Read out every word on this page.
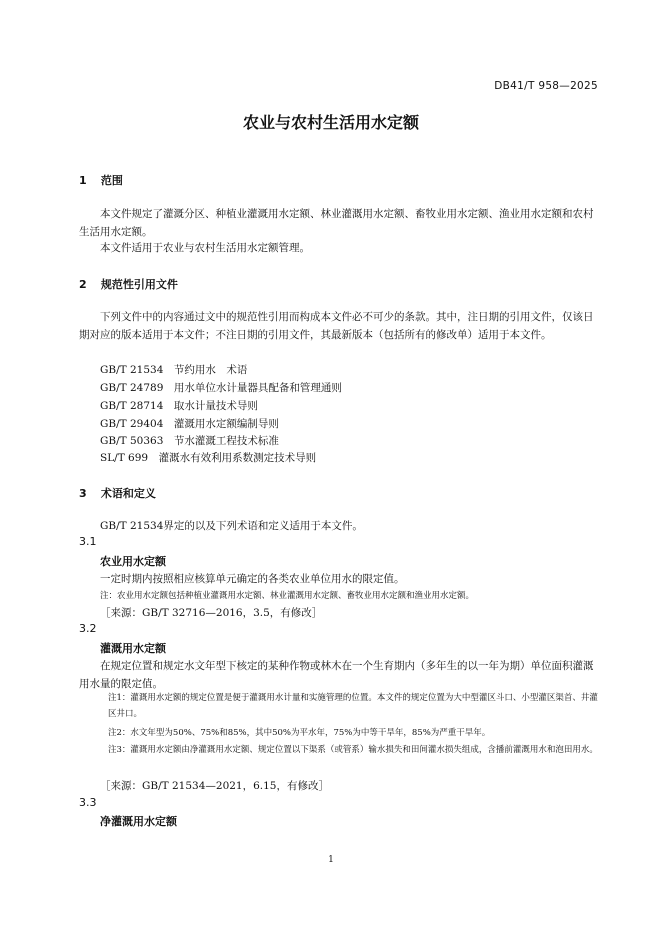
DB41/T 958—2025
农业与农村生活用水定额
1 范围
本文件规定了灌溉分区、种植业灌溉用水定额、林业灌溉用水定额、畜牧业用水定额、渔业用水定额和农村生活用水定额。
本文件适用于农业与农村生活用水定额管理。
2 规范性引用文件
下列文件中的内容通过文中的规范性引用而构成本文件必不可少的条款。其中，注日期的引用文件，仅该日期对应的版本适用于本文件；不注日期的引用文件，其最新版本（包括所有的修改单）适用于本文件。
GB/T 21534　节约用水　术语
GB/T 24789　用水单位水计量器具配备和管理通则
GB/T 28714　取水计量技术导则
GB/T 29404　灌溉用水定额编制导则
GB/T 50363　节水灌溉工程技术标准
SL/T 699　灌溉水有效利用系数测定技术导则
3 术语和定义
GB/T 21534界定的以及下列术语和定义适用于本文件。
3.1
农业用水定额
一定时期内按照相应核算单元确定的各类农业单位用水的限定值。
注：农业用水定额包括种植业灌溉用水定额、林业灌溉用水定额、畜牧业用水定额和渔业用水定额。
［来源：GB/T 32716—2016，3.5，有修改］
3.2
灌溉用水定额
在规定位置和规定水文年型下核定的某种作物或林木在一个生育期内（多年生的以一年为期）单位面积灌溉用水量的限定值。
注1：灌溉用水定额的规定位置是便于灌溉用水计量和实施管理的位置。本文件的规定位置为大中型灌区斗口、小型灌区渠首、井灌区井口。
注2：水文年型为50%、75%和85%，其中50%为平水年，75%为中等干旱年，85%为严重干旱年。
注3：灌溉用水定额由净灌溉用水定额、规定位置以下渠系（或管系）输水损失和田间灌水损失组成，含播前灌溉用水和泡田用水。
［来源：GB/T 21534—2021，6.15，有修改］
3.3
净灌溉用水定额
1
